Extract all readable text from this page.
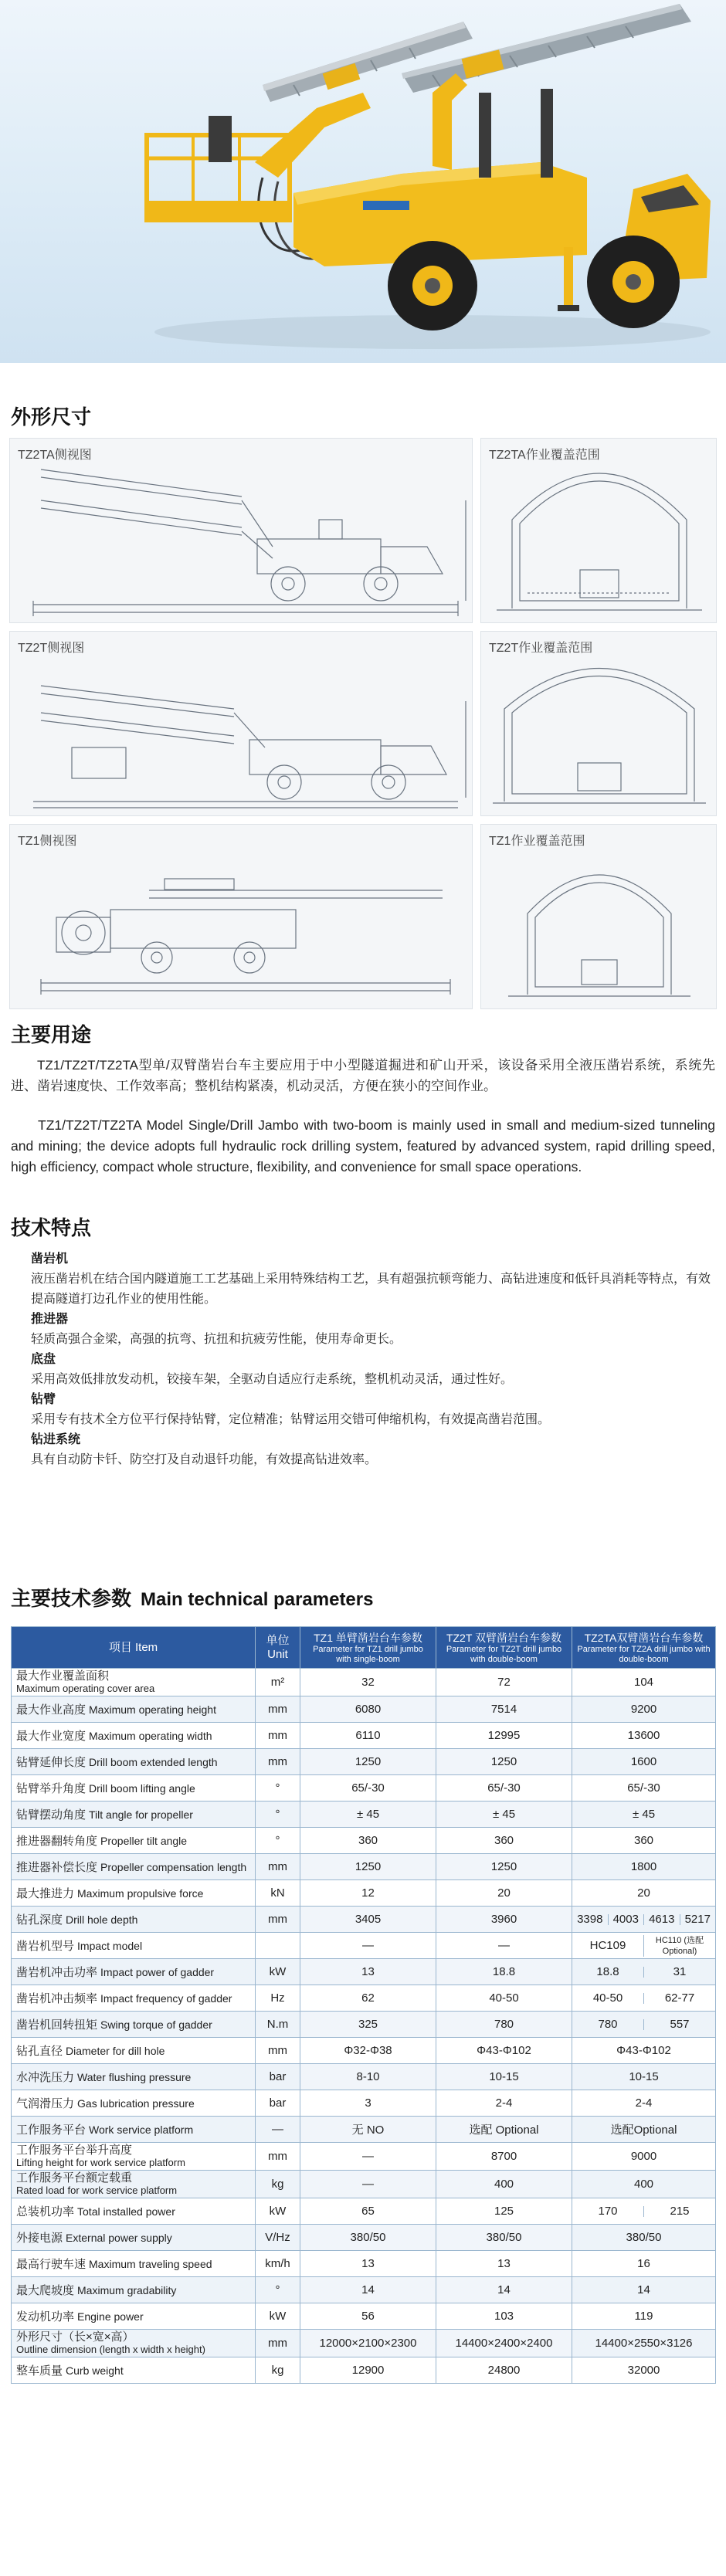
外形尺寸
TZ2TA侧视图	TZ2TA作业覆盖范围
TZ2T侧视图	TZ2T作业覆盖范围
TZ1侧视图	TZ1作业覆盖范围
主要用途
TZ1/TZ2T/TZ2TA型单/双臂凿岩台车主要应用于中小型隧道掘进和矿山开采，该设备采用全液压凿岩系统，系统先进、凿岩速度快、工作效率高；整机结构紧凑，机动灵活，方便在狭小的空间作业。
TZ1/TZ2T/TZ2TA Model Single/Drill Jambo with two-boom is mainly used in small and medium-sized tunneling and mining; the device adopts full hydraulic rock drilling system, featured by advanced system, rapid drilling speed, high efficiency, compact whole structure, flexibility, and convenience for small space operations.
技术特点
凿岩机
液压凿岩机在结合国内隧道施工工艺基础上采用特殊结构工艺，具有超强抗顿弯能力、高钻进速度和低钎具消耗等特点，有效提高隧道打边孔作业的使用性能。
推进器
轻质高强合金梁，高强的抗弯、抗扭和抗疲劳性能，使用寿命更长。
底盘
采用高效低排放发动机，铰接车架，全驱动自适应行走系统，整机机动灵活，通过性好。
钻臂
采用专有技术全方位平行保持钻臂，定位精准；钻臂运用交错可伸缩机构，有效提高凿岩范围。
钻进系统
具有自动防卡钎、防空打及自动退钎功能，有效提高钻进效率。
主要技术参数 Main technical parameters
项目 Item	单位 Unit	TZ1 单臂凿岩台车参数
Parameter for TZ1 drill jumbo with single-boom	TZ2T 双臂凿岩台车参数
Parameter for TZ2T drill jumbo with double-boom	TZ2TA双臂凿岩台车参数
Parameter for TZ2A drill jumbo with double-boom

最大作业覆盖面积
Maximum operating cover area	m²	32	72	104
最大作业高度 Maximum operating height	mm	6080	7514	9200
最大作业宽度 Maximum operating width	mm	6110	12995	13600
钻臂延伸长度 Drill boom extended length	mm	1250	1250	1600
钻臂举升角度 Drill boom lifting angle	°	65/-30	65/-30	65/-30
钻臂摆动角度 Tilt angle for propeller	°	± 45	± 45	± 45
推进器翻转角度 Propeller tilt angle	°	360	360	360
推进器补偿长度 Propeller compensation length	mm	1250	1250	1800
最大推进力 Maximum propulsive force	kN	12	20	20
钻孔深度 Drill hole depth	mm	3405	3960	3398 4003 4613 5217

凿岩机型号 Impact model		—	—	HC109 HC110 (选配Optional)

凿岩机冲击功率 Impact power of gadder	kW	13	18.8	18.8 31

凿岩机冲击频率 Impact frequency of gadder	Hz	62	40-50	40-50 62-77

凿岩机回转扭矩 Swing torque of gadder	N.m	325	780	780 557

钻孔直径 Diameter for dill hole	mm	Φ32-Φ38	Φ43-Φ102	Φ43-Φ102
水冲洗压力 Water flushing pressure	bar	8-10	10-15	10-15
气润滑压力 Gas lubrication pressure	bar	3	2-4	2-4
工作服务平台 Work service platform	—	无 NO	选配 Optional	选配Optional

工作服务平台举升高度
Lifting height for work service platform	mm	—	8700	9000

工作服务平台额定载重
Rated load for work service platform	kg	—	400	400
总装机功率 Total installed power	kW	65	125	170 215

外接电源 External power supply	V/Hz	380/50	380/50	380/50
最高行驶车速 Maximum traveling speed	km/h	13	13	16
最大爬坡度 Maximum gradability	°	14	14	14
发动机功率 Engine power	kW	56	103	119

外形尺寸（长×宽×高）
Outline dimension (length x width x height)	mm	12000×2100×2300	14400×2400×2400	14400×2550×3126
整车质量 Curb weight	kg	12900	24800	32000
